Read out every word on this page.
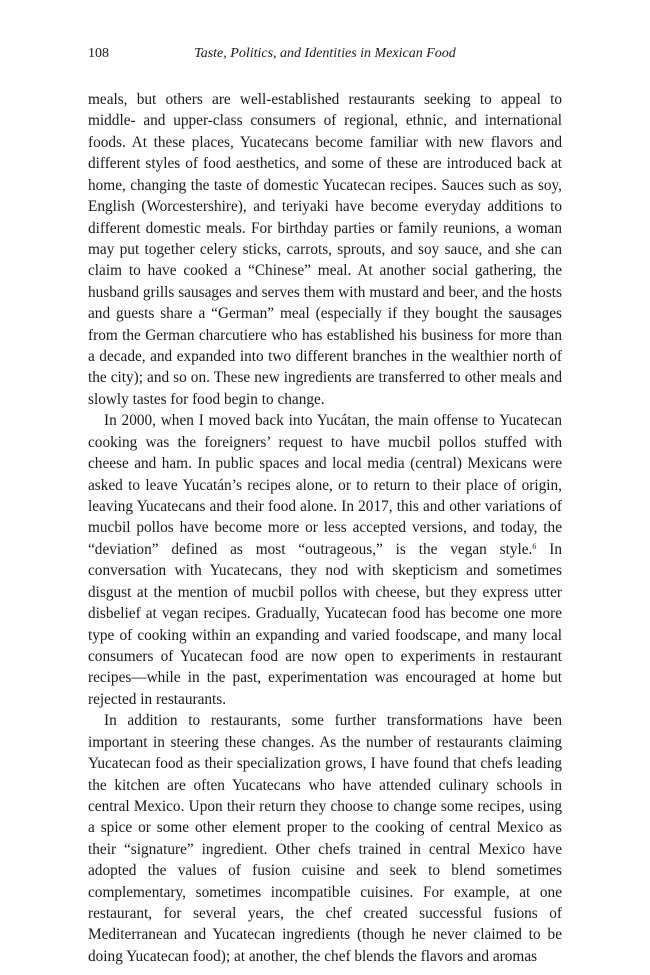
108	Taste, Politics, and Identities in Mexican Food

meals, but others are well-established restaurants seeking to appeal to middle- and upper-class consumers of regional, ethnic, and international foods. At these places, Yucatecans become familiar with new flavors and different styles of food aesthetics, and some of these are introduced back at home, changing the taste of domestic Yucatecan recipes. Sauces such as soy, English (Worcestershire), and teriyaki have become everyday additions to different domestic meals. For birthday parties or family reunions, a woman may put together celery sticks, carrots, sprouts, and soy sauce, and she can claim to have cooked a “Chinese” meal. At another social gathering, the husband grills sausages and serves them with mustard and beer, and the hosts and guests share a “German” meal (especially if they bought the sausages from the German charcutiere who has established his business for more than a decade, and expanded into two different branches in the wealthier north of the city); and so on. These new ingredients are transferred to other meals and slowly tastes for food begin to change.

In 2000, when I moved back into Yucátan, the main offense to Yucatecan cooking was the foreigners’ request to have mucbil pollos stuffed with cheese and ham. In public spaces and local media (central) Mexicans were asked to leave Yucatán’s recipes alone, or to return to their place of origin, leaving Yucatecans and their food alone. In 2017, this and other variations of mucbil pollos have become more or less accepted versions, and today, the “deviation” defined as most “outrageous,” is the vegan style.$^6$ In conversation with Yucatecans, they nod with skepticism and sometimes disgust at the mention of mucbil pollos with cheese, but they express utter disbelief at vegan recipes. Gradually, Yucatecan food has become one more type of cooking within an expanding and varied foodscape, and many local consumers of Yucatecan food are now open to experiments in restaurant recipes—while in the past, experimentation was encouraged at home but rejected in restaurants.

In addition to restaurants, some further transformations have been important in steering these changes. As the number of restaurants claiming Yucatecan food as their specialization grows, I have found that chefs leading the kitchen are often Yucatecans who have attended culinary schools in central Mexico. Upon their return they choose to change some recipes, using a spice or some other element proper to the cooking of central Mexico as their “signature” ingredient. Other chefs trained in central Mexico have adopted the values of fusion cuisine and seek to blend sometimes complementary, sometimes incompatible cuisines. For example, at one restaurant, for several years, the chef created successful fusions of Mediterranean and Yucatecan ingredients (though he never claimed to be doing Yucatecan food); at another, the chef blends the flavors and aromas
